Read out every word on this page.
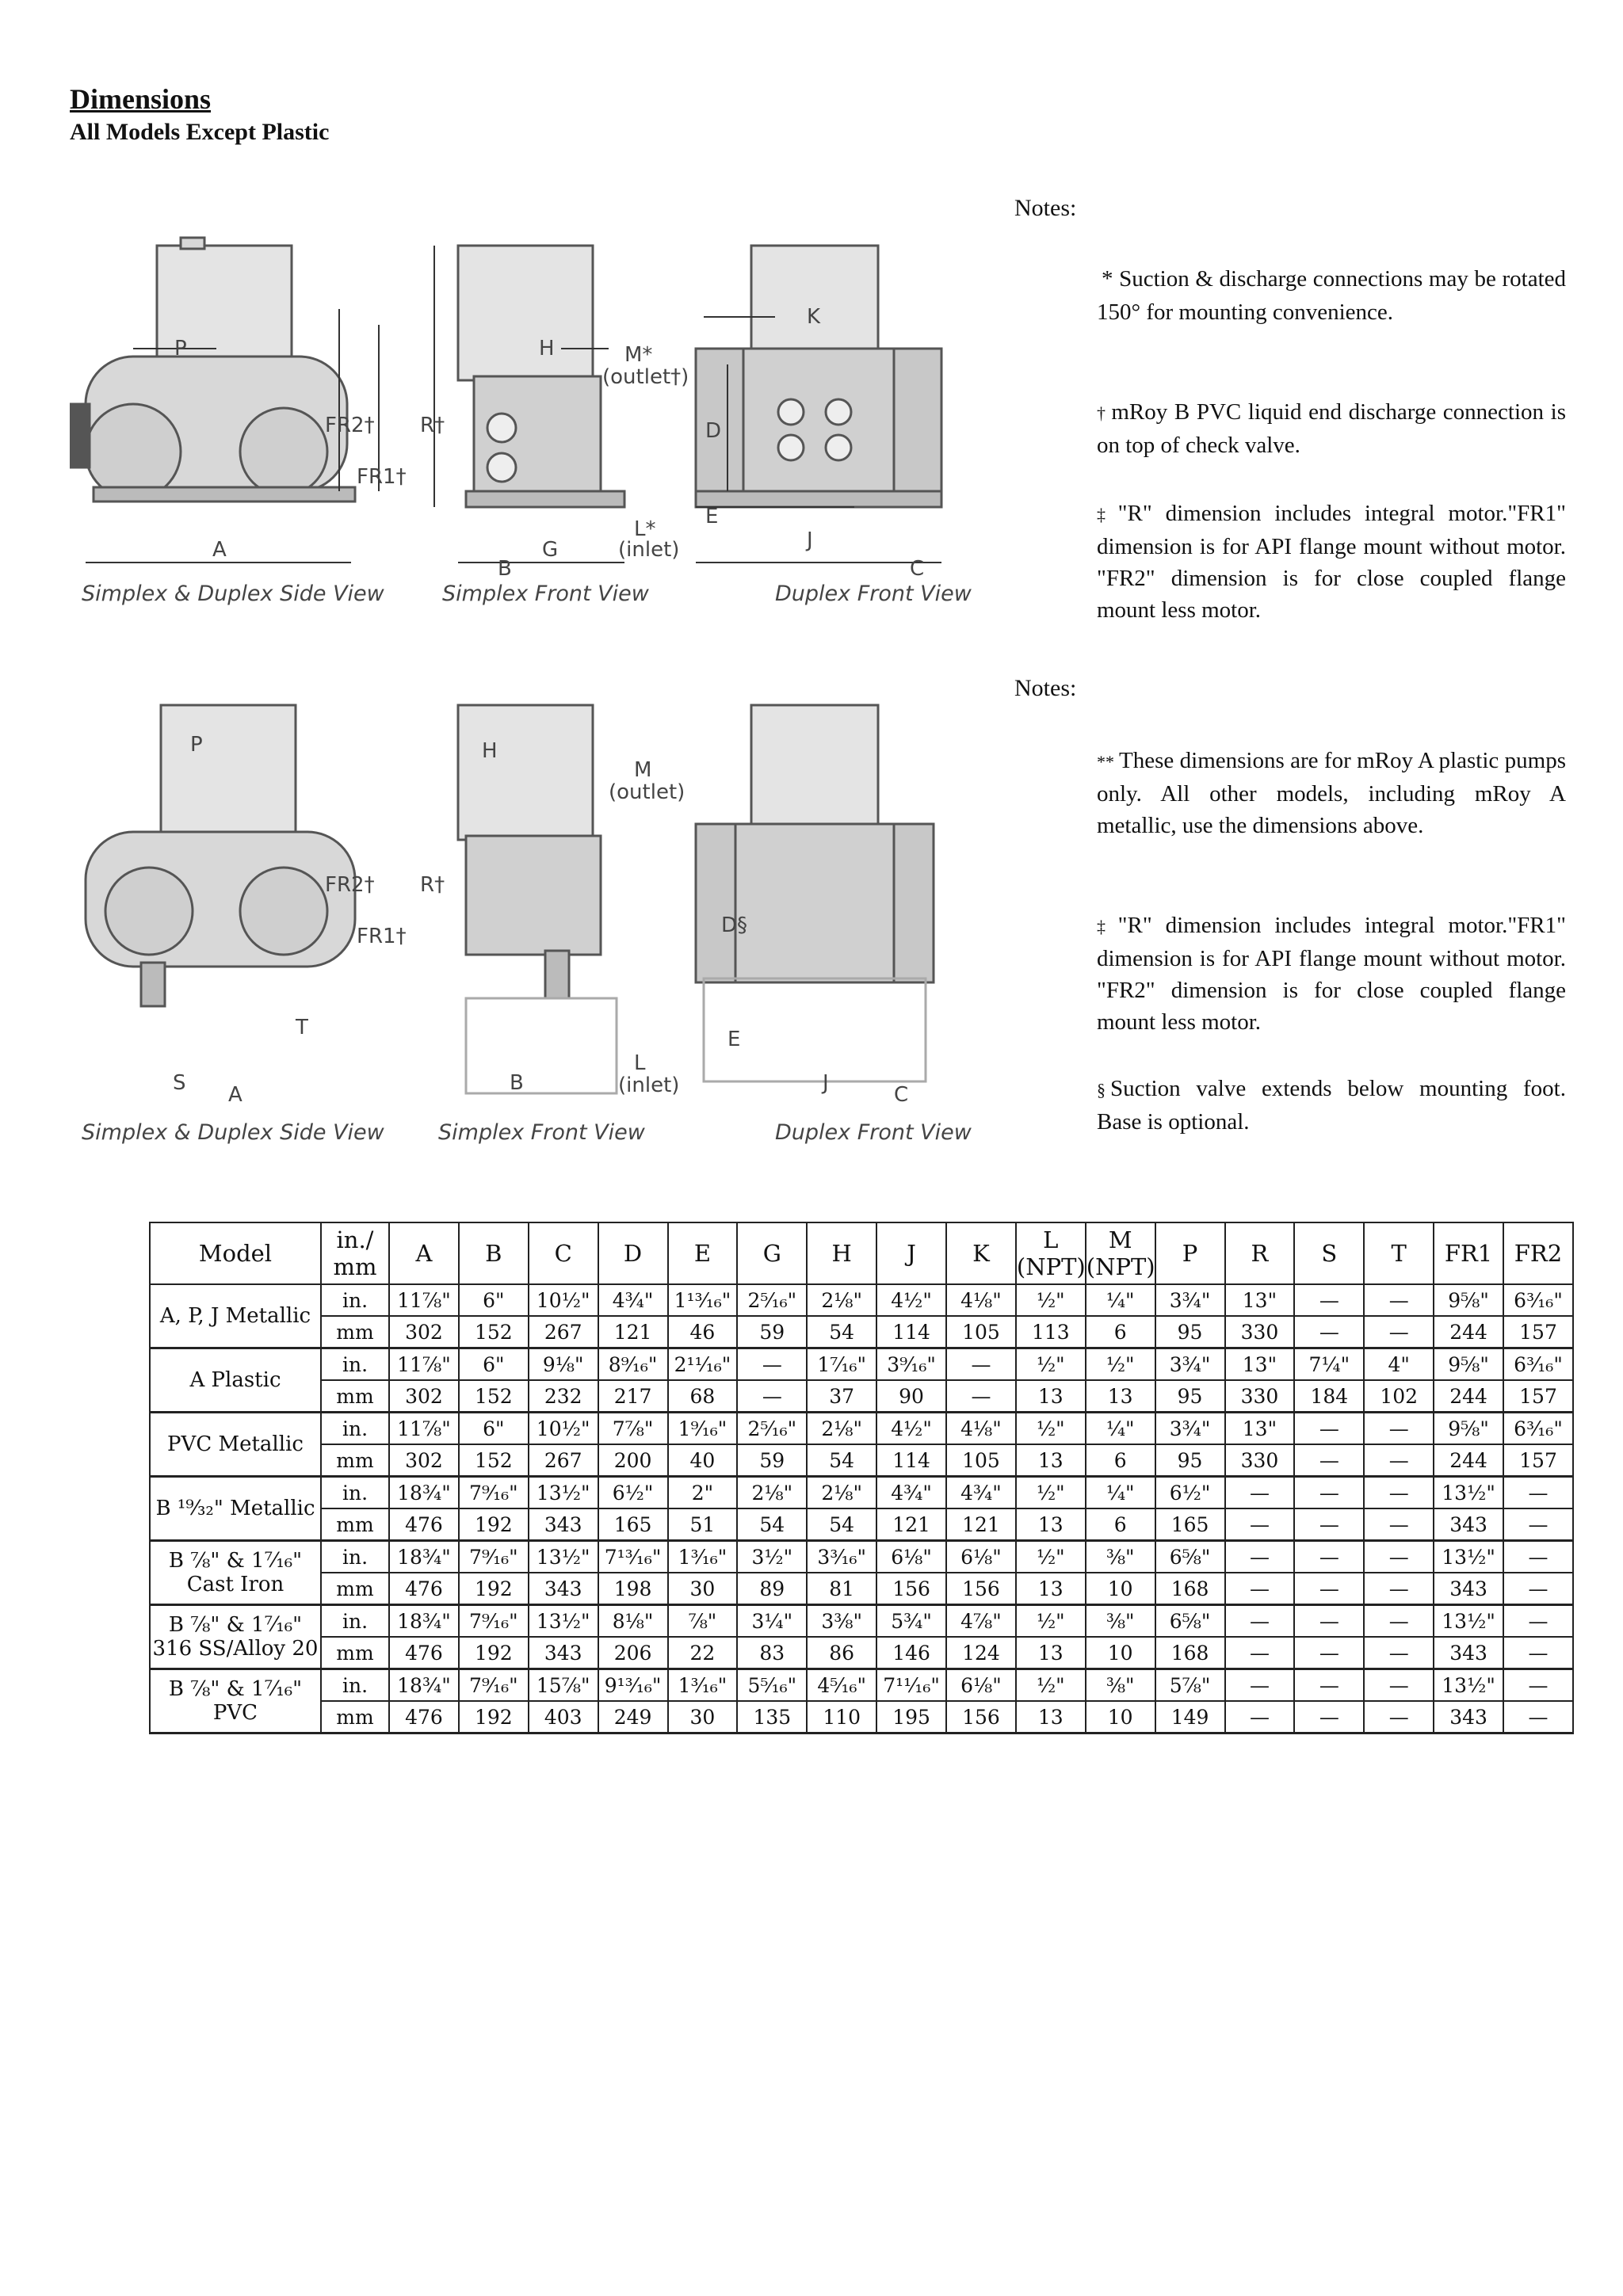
Dimensions
All Models Except Plastic
P
A
FR2†
FR1†
R†
H	M*
(outlet†)
L*
(inlet)
B
G
K
D
E
J
C
Simplex & Duplex Side View	Simplex Front View	Duplex Front View
P
S A
T
FR2†
FR1†
R†
H
M
(outlet)
L
(inlet)
B
D§
E
J	C
Simplex & Duplex Side View	Simplex Front View	Duplex Front View
Notes:
* Suction & discharge connections may be rotated 150° for mounting convenience.
† mRoy B PVC liquid end discharge connection is on top of check valve.
‡ "R" dimension includes integral motor."FR1" dimension is for API flange mount without motor. "FR2" dimension is for close coupled flange mount less motor.
Notes:
** These dimensions are for mRoy A plastic pumps only. All other models, including mRoy A metallic, use the dimensions above.
‡ "R" dimension includes integral motor."FR1" dimension is for API flange mount without motor. "FR2" dimension is for close coupled flange mount less motor.
§ Suction valve extends below mounting foot. Base is optional.
Model	in./ mm	A	B	C	D	E	G	H	J	K	L (NPT)	M (NPT)	P	R	S	T	FR1	FR2
A, P, J Metallic	in.	11⅞"	6"	10½"	4¾"	1¹³⁄₁₆"	2⁵⁄₁₆"	2⅛"	4½"	4⅛"	½"	¼"	3¾"	13"	—	—	9⅝"	6³⁄₁₆"
	mm	302	152	267	121	46	59	54	114	105	113	6	95	330	—	—	244	157
A Plastic	in.	11⅞"	6"	9⅛"	8⁹⁄₁₆"	2¹¹⁄₁₆"	—	1⁷⁄₁₆"	3⁹⁄₁₆"	—	½"	½"	3¾"	13"	7¼"	4"	9⅝"	6³⁄₁₆"
	mm	302	152	232	217	68	—	37	90	—	13	13	95	330	184	102	244	157
PVC Metallic	in.	11⅞"	6"	10½"	7⅞"	1⁹⁄₁₆"	2⁵⁄₁₆"	2⅛"	4½"	4⅛"	½"	¼"	3¾"	13"	—	—	9⅝"	6³⁄₁₆"
	mm	302	152	267	200	40	59	54	114	105	13	6	95	330	—	—	244	157
B ¹⁹⁄₃₂" Metallic	in.	18¾"	7⁹⁄₁₆"	13½"	6½"	2"	2⅛"	2⅛"	4¾"	4¾"	½"	¼"	6½"	—	—	—	13½"	—
	mm	476	192	343	165	51	54	54	121	121	13	6	165	—	—	—	343	—
B ⅞" & 1⁷⁄₁₆" Cast Iron	in.	18¾"	7⁹⁄₁₆"	13½"	7¹³⁄₁₆"	1³⁄₁₆"	3½"	3³⁄₁₆"	6⅛"	6⅛"	½"	⅜"	6⅝"	—	—	—	13½"	—
	mm	476	192	343	198	30	89	81	156	156	13	10	168	—	—	—	343	—
B ⅞" & 1⁷⁄₁₆" 316 SS/Alloy 20	in.	18¾"	7⁹⁄₁₆"	13½"	8⅛"	⅞"	3¼"	3⅜"	5¾"	4⅞"	½"	⅜"	6⅝"	—	—	—	13½"	—
	mm	476	192	343	206	22	83	86	146	124	13	10	168	—	—	—	343	—
B ⅞" & 1⁷⁄₁₆" PVC	in.	18¾"	7⁹⁄₁₆"	15⅞"	9¹³⁄₁₆"	1³⁄₁₆"	5⁵⁄₁₆"	4⁵⁄₁₆"	7¹¹⁄₁₆"	6⅛"	½"	⅜"	5⅞"	—	—	—	13½"	—
	mm	476	192	403	249	30	135	110	195	156	13	10	149	—	—	—	343	—
